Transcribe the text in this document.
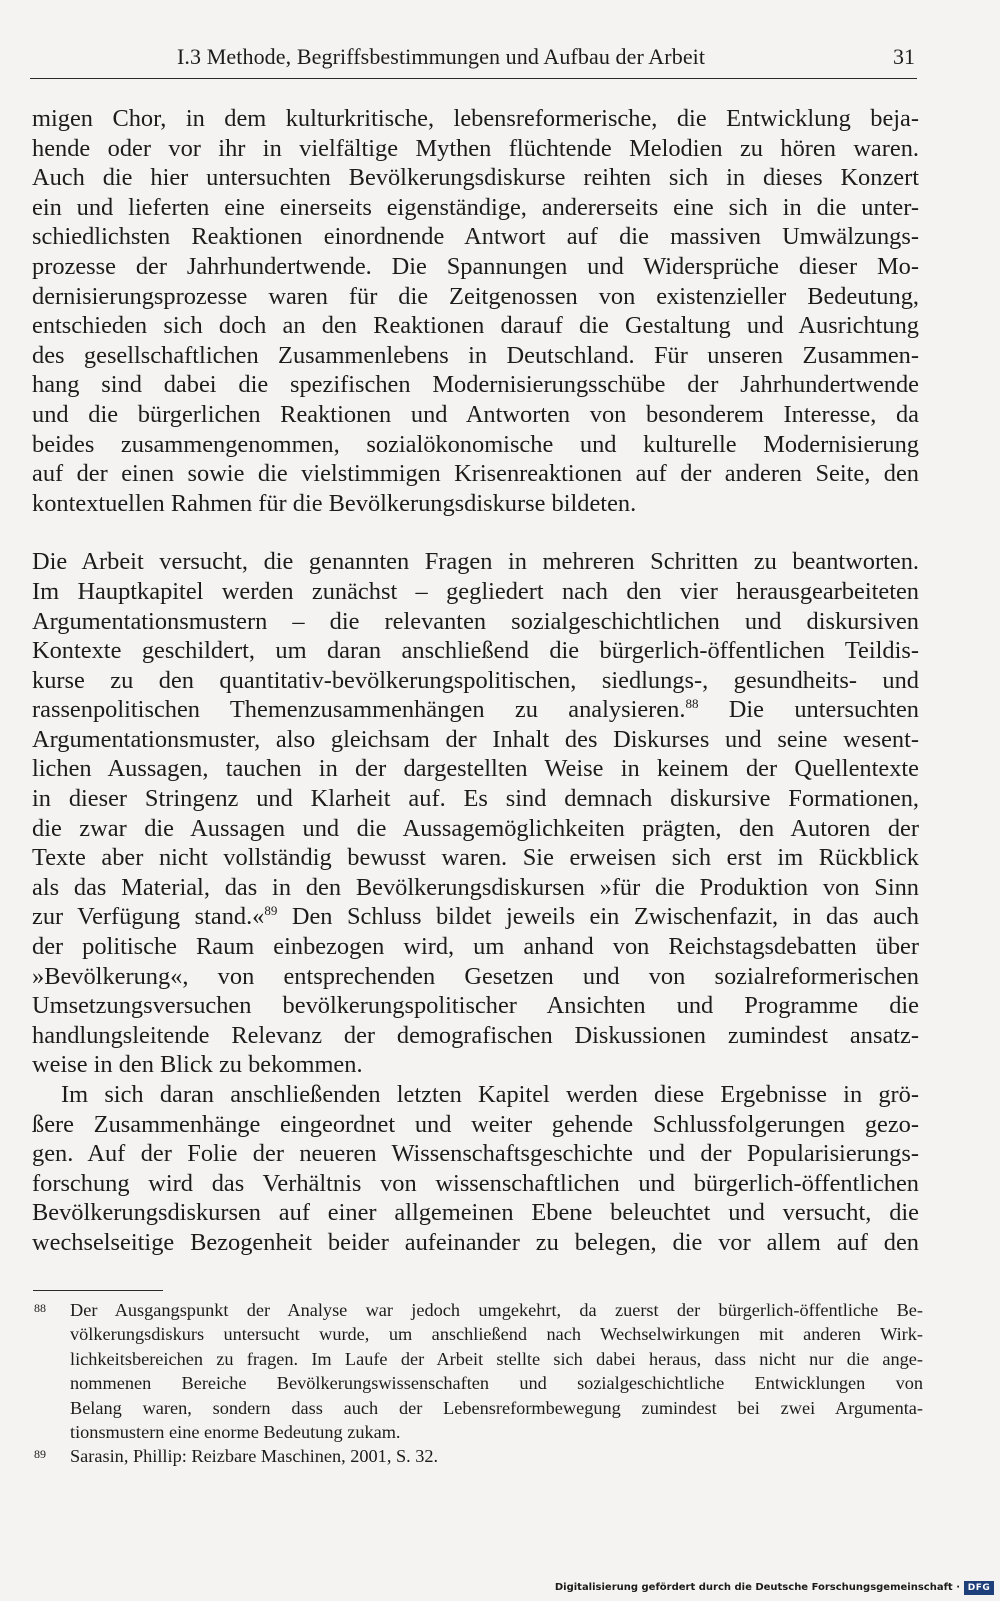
I.3 Methode, Begriffsbestimmungen und Aufbau der Arbeit	31
migen Chor, in dem kulturkritische, lebensreformerische, die Entwicklung beja-
hende oder vor ihr in vielfältige Mythen flüchtende Melodien zu hören waren.
Auch die hier untersuchten Bevölkerungsdiskurse reihten sich in dieses Konzert
ein und lieferten eine einerseits eigenständige, andererseits eine sich in die unter-
schiedlichsten Reaktionen einordnende Antwort auf die massiven Umwälzungs-
prozesse der Jahrhundertwende. Die Spannungen und Widersprüche dieser Mo-
dernisierungsprozesse waren für die Zeitgenossen von existenzieller Bedeutung,
entschieden sich doch an den Reaktionen darauf die Gestaltung und Ausrichtung
des gesellschaftlichen Zusammenlebens in Deutschland. Für unseren Zusammen-
hang sind dabei die spezifischen Modernisierungsschübe der Jahrhundertwende
und die bürgerlichen Reaktionen und Antworten von besonderem Interesse, da
beides zusammengenommen, sozialökonomische und kulturelle Modernisierung
auf der einen sowie die vielstimmigen Krisenreaktionen auf der anderen Seite, den
kontextuellen Rahmen für die Bevölkerungsdiskurse bildeten.
Die Arbeit versucht, die genannten Fragen in mehreren Schritten zu beantworten.
Im Hauptkapitel werden zunächst – gegliedert nach den vier herausgearbeiteten
Argumentationsmustern – die relevanten sozialgeschichtlichen und diskursiven
Kontexte geschildert, um daran anschließend die bürgerlich-öffentlichen Teildis-
kurse zu den quantitativ-bevölkerungspolitischen, siedlungs-, gesundheits- und
rassenpolitischen Themenzusammenhängen zu analysieren.$^{88}$ Die untersuchten
Argumentationsmuster, also gleichsam der Inhalt des Diskurses und seine wesent-
lichen Aussagen, tauchen in der dargestellten Weise in keinem der Quellentexte
in dieser Stringenz und Klarheit auf. Es sind demnach diskursive Formationen,
die zwar die Aussagen und die Aussagemöglichkeiten prägten, den Autoren der
Texte aber nicht vollständig bewusst waren. Sie erweisen sich erst im Rückblick
als das Material, das in den Bevölkerungsdiskursen »für die Produktion von Sinn
zur Verfügung stand.«$^{89}$ Den Schluss bildet jeweils ein Zwischenfazit, in das auch
der politische Raum einbezogen wird, um anhand von Reichstagsdebatten über
»Bevölkerung«, von entsprechenden Gesetzen und von sozialreformerischen
Umsetzungsversuchen bevölkerungspolitischer Ansichten und Programme die
handlungsleitende Relevanz der demografischen Diskussionen zumindest ansatz-
weise in den Blick zu bekommen.
Im sich daran anschließenden letzten Kapitel werden diese Ergebnisse in grö-
ßere Zusammenhänge eingeordnet und weiter gehende Schlussfolgerungen gezo-
gen. Auf der Folie der neueren Wissenschaftsgeschichte und der Popularisierungs-
forschung wird das Verhältnis von wissenschaftlichen und bürgerlich-öffentlichen
Bevölkerungsdiskursen auf einer allgemeinen Ebene beleuchtet und versucht, die
wechselseitige Bezogenheit beider aufeinander zu belegen, die vor allem auf den
88 Der Ausgangspunkt der Analyse war jedoch umgekehrt, da zuerst der bürgerlich-öffentliche Be-
völkerungsdiskurs untersucht wurde, um anschließend nach Wechselwirkungen mit anderen Wirk-
lichkeitsbereichen zu fragen. Im Laufe der Arbeit stellte sich dabei heraus, dass nicht nur die ange-
nommenen Bereiche Bevölkerungswissenschaften und sozialgeschichtliche Entwicklungen von
Belang waren, sondern dass auch der Lebensreformbewegung zumindest bei zwei Argumenta-
tionsmustern eine enorme Bedeutung zukam.
89 Sarasin, Phillip: Reizbare Maschinen, 2001, S. 32.
Digitalisierung gefördert durch die Deutsche Forschungsgemeinschaft · DFG
